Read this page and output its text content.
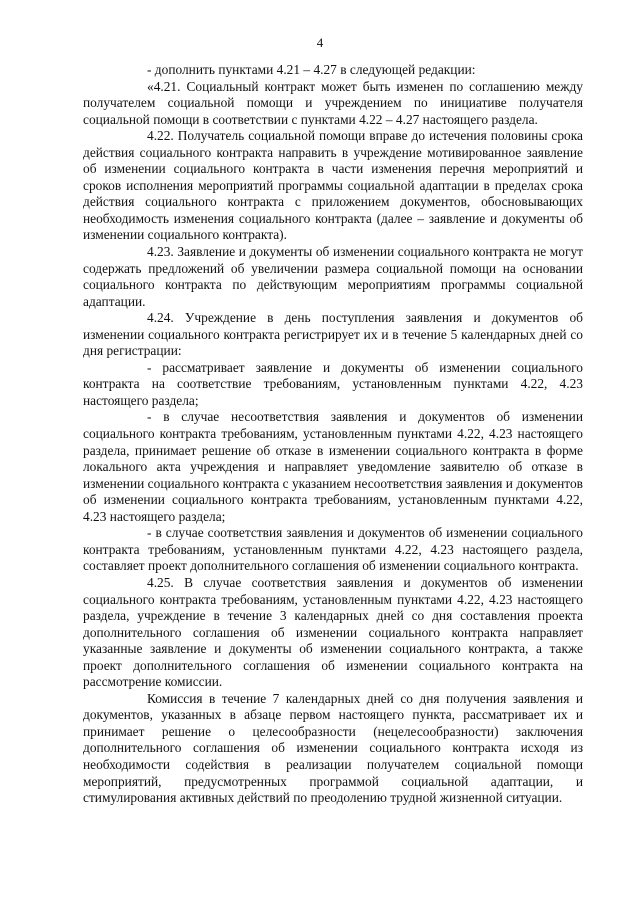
4

- дополнить пунктами 4.21 – 4.27 в следующей редакции:

«4.21. Социальный контракт может быть изменен по соглашению между получателем социальной помощи и учреждением по инициативе получателя социальной помощи в соответствии с пунктами 4.22 – 4.27 настоящего раздела.

4.22. Получатель социальной помощи вправе до истечения половины срока действия социального контракта направить в учреждение мотивированное заявление об изменении социального контракта в части изменения перечня мероприятий и сроков исполнения мероприятий программы социальной адаптации в пределах срока действия социального контракта с приложением документов, обосновывающих необходимость изменения социального контракта (далее – заявление и документы об изменении социального контракта).

4.23. Заявление и документы об изменении социального контракта не могут содержать предложений об увеличении размера социальной помощи на основании социального контракта по действующим мероприятиям программы социальной адаптации.

4.24. Учреждение в день поступления заявления и документов об изменении социального контракта регистрирует их и в течение 5 календарных дней со дня регистрации:

- рассматривает заявление и документы об изменении социального контракта на соответствие требованиям, установленным пунктами 4.22, 4.23 настоящего раздела;

- в случае несоответствия заявления и документов об изменении социального контракта требованиям, установленным пунктами 4.22, 4.23 настоящего раздела, принимает решение об отказе в изменении социального контракта в форме локального акта учреждения и направляет уведомление заявителю об отказе в изменении социального контракта с указанием несоответствия заявления и документов об изменении социального контракта требованиям, установленным пунктами 4.22, 4.23 настоящего раздела;

- в случае соответствия заявления и документов об изменении социального контракта требованиям, установленным пунктами 4.22, 4.23 настоящего раздела, составляет проект дополнительного соглашения об изменении социального контракта.

4.25. В случае соответствия заявления и документов об изменении социального контракта требованиям, установленным пунктами 4.22, 4.23 настоящего раздела, учреждение в течение 3 календарных дней со дня составления проекта дополнительного соглашения об изменении социального контракта направляет указанные заявление и документы об изменении социального контракта, а также проект дополнительного соглашения об изменении социального контракта на рассмотрение комиссии.

Комиссия в течение 7 календарных дней со дня получения заявления и документов, указанных в абзаце первом настоящего пункта, рассматривает их и принимает решение о целесообразности (нецелесообразности) заключения дополнительного соглашения об изменении социального контракта исходя из необходимости содействия в реализации получателем социальной помощи мероприятий, предусмотренных программой социальной адаптации, и стимулирования активных действий по преодолению трудной жизненной ситуации.
